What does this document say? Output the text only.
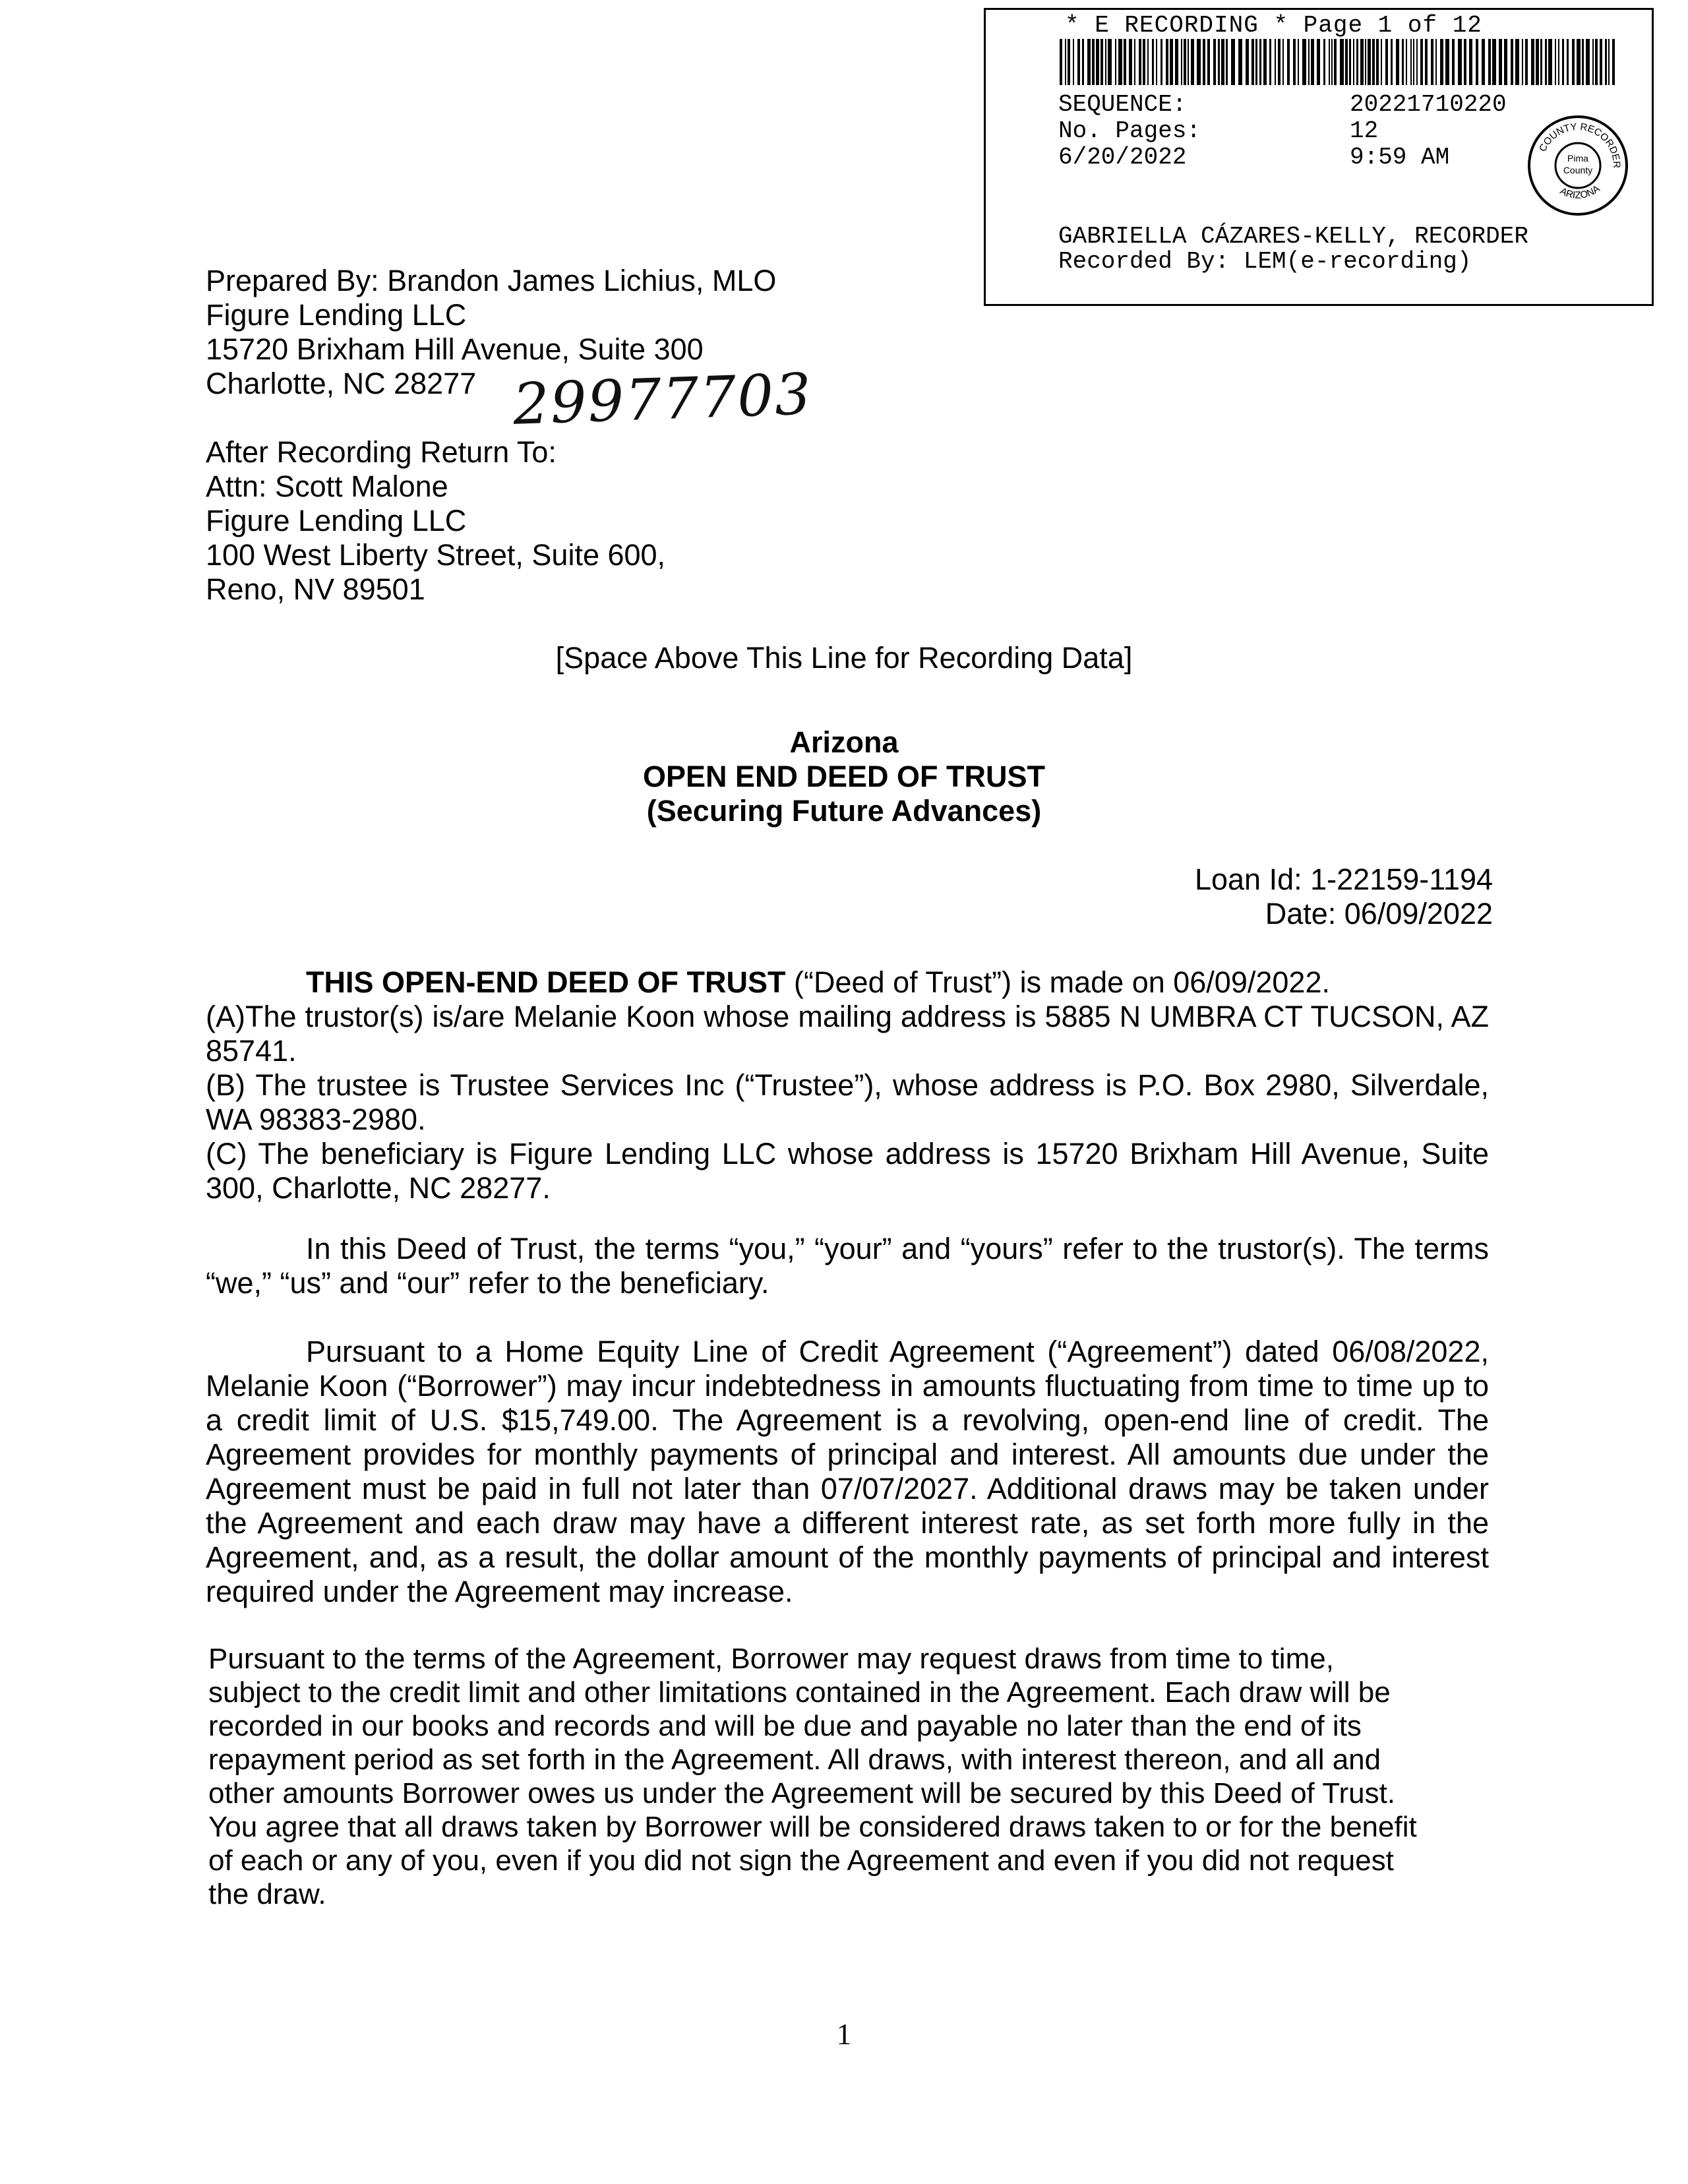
* E RECORDING * Page 1 of 12
SEQUENCE:	20221710220
No. Pages:	12
6/20/2022	9:59 AM	Pima
County
COUNTY RECORDER
ARIZONA
GABRIELLA CÁZARES-KELLY, RECORDER
Recorded By: LEM(e-recording)
Prepared By: Brandon James Lichius, MLO
Figure Lending LLC
15720 Brixham Hill Avenue, Suite 300
Charlotte, NC 28277 29977703
After Recording Return To:
Attn: Scott Malone
Figure Lending LLC
100 West Liberty Street, Suite 600,
Reno, NV 89501
[Space Above This Line for Recording Data]
Arizona
OPEN END DEED OF TRUST
(Securing Future Advances)
Loan Id: 1-22159-1194
Date: 06/09/2022

THIS OPEN-END DEED OF TRUST (“Deed of Trust”) is made on 06/09/2022.

(A)The trustor(s) is/are Melanie Koon whose mailing address is 5885 N UMBRA CT TUCSON, AZ 85741.

(B) The trustee is Trustee Services Inc (“Trustee”), whose address is P.O. Box 2980, Silverdale, WA 98383-2980.

(C) The beneficiary is Figure Lending LLC whose address is 15720 Brixham Hill Avenue, Suite 300, Charlotte, NC 28277.

In this Deed of Trust, the terms “you,” “your” and “yours” refer to the trustor(s). The terms “we,” “us” and “our” refer to the beneficiary.

Pursuant to a Home Equity Line of Credit Agreement (“Agreement”) dated 06/08/2022, Melanie Koon (“Borrower”) may incur indebtedness in amounts fluctuating from time to time up to a credit limit of U.S. $15,749.00. The Agreement is a revolving, open-end line of credit. The Agreement provides for monthly payments of principal and interest. All amounts due under the Agreement must be paid in full not later than 07/07/2027. Additional draws may be taken under the Agreement and each draw may have a different interest rate, as set forth more fully in the Agreement, and, as a result, the dollar amount of the monthly payments of principal and interest required under the Agreement may increase.

Pursuant to the terms of the Agreement, Borrower may request draws from time to time,
subject to the credit limit and other limitations contained in the Agreement. Each draw will be
recorded in our books and records and will be due and payable no later than the end of its
repayment period as set forth in the Agreement. All draws, with interest thereon, and all and
other amounts Borrower owes us under the Agreement will be secured by this Deed of Trust.
You agree that all draws taken by Borrower will be considered draws taken to or for the benefit
of each or any of you, even if you did not sign the Agreement and even if you did not request
the draw.
1
